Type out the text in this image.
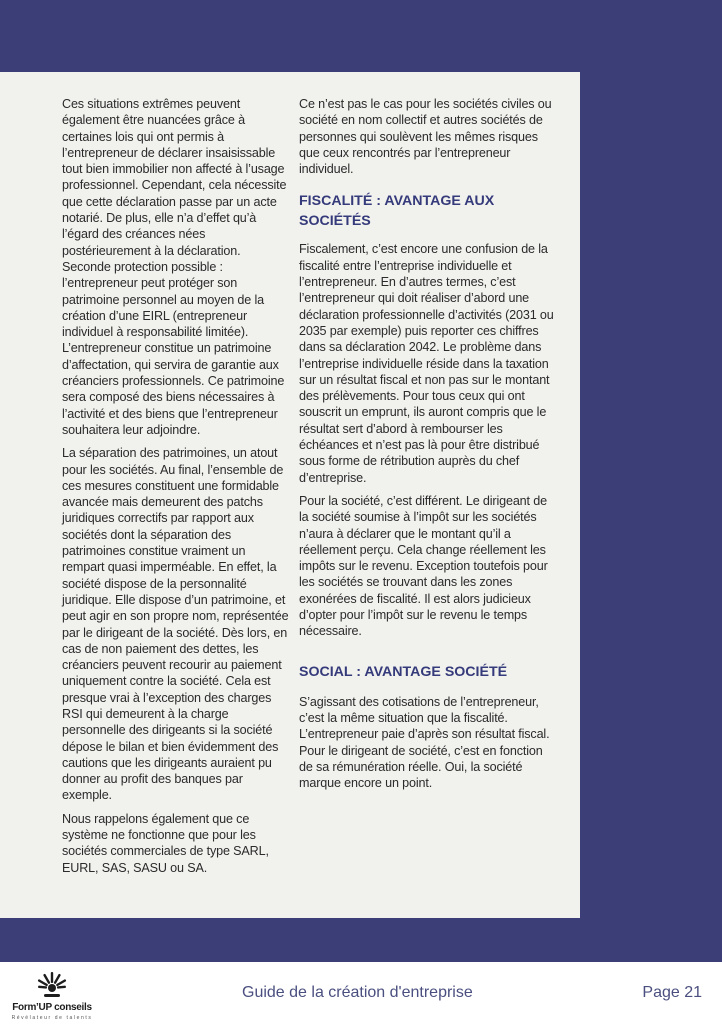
Ces situations extrêmes peuvent également être nuancées grâce à certaines lois qui ont permis à l’entrepreneur de déclarer insaisissable tout bien immobilier non affecté à l’usage professionnel. Cependant, cela nécessite que cette déclaration passe par un acte notarié. De plus, elle n’a d’effet qu’à l’égard des créances nées postérieurement à la déclaration. Seconde protection possible : l’entrepreneur peut protéger son patrimoine personnel au moyen de la création d’une EIRL (entrepreneur individuel à responsabilité limitée). L’entrepreneur constitue un patrimoine d’affectation, qui servira de garantie aux créanciers professionnels. Ce patrimoine sera composé des biens nécessaires à l’activité et des biens que l’entrepreneur souhaitera leur adjoindre.

La séparation des patrimoines, un atout pour les sociétés. Au final, l’ensemble de ces mesures constituent une formidable avancée mais demeurent des patchs juridiques correctifs par rapport aux sociétés dont la séparation des patrimoines constitue vraiment un rempart quasi imperméable. En effet, la société dispose de la personnalité juridique. Elle dispose d’un patrimoine, et peut agir en son propre nom, représentée par le dirigeant de la société. Dès lors, en cas de non paiement des dettes, les créanciers peuvent recourir au paiement uniquement contre la société. Cela est presque vrai à l’exception des charges RSI qui demeurent à la charge personnelle des dirigeants si la société dépose le bilan et bien évidemment des cautions que les dirigeants auraient pu donner au profit des banques par exemple.

Nous rappelons également que ce système ne fonctionne que pour les sociétés commerciales de type SARL, EURL, SAS, SASU ou SA.

Ce n’est pas le cas pour les sociétés civiles ou société en nom collectif et autres sociétés de personnes qui soulèvent les mêmes risques que ceux rencontrés par l’entrepreneur individuel.

FISCALITÉ : AVANTAGE AUX SOCIÉTÉS

Fiscalement, c’est encore une confusion de la fiscalité entre l’entreprise individuelle et l’entrepreneur. En d’autres termes, c’est l’entrepreneur qui doit réaliser d’abord une déclaration professionnelle d’activités (2031 ou 2035 par exemple) puis reporter ces chiffres dans sa déclaration 2042. Le problème dans l’entreprise individuelle réside dans la taxation sur un résultat fiscal et non pas sur le montant des prélèvements. Pour tous ceux qui ont souscrit un emprunt, ils auront compris que le résultat sert d’abord à rembourser les échéances et n’est pas là pour être distribué sous forme de rétribution auprès du chef d’entreprise.

Pour la société, c’est différent. Le dirigeant de la société soumise à l’impôt sur les sociétés n’aura à déclarer que le montant qu’il a réellement perçu. Cela change réellement les impôts sur le revenu. Exception toutefois pour les sociétés se trouvant dans les zones exonérées de fiscalité. Il est alors judicieux d’opter pour l’impôt sur le revenu le temps nécessaire.

SOCIAL : AVANTAGE SOCIÉTÉ

S’agissant des cotisations de l’entrepreneur, c’est la même situation que la fiscalité. L’entrepreneur paie d’après son résultat fiscal. Pour le dirigeant de société, c’est en fonction de sa rémunération réelle. Oui, la société marque encore un point.

Form’UP conseils
Révélateur de talents
Guide de la création d'entreprise	Page 21
